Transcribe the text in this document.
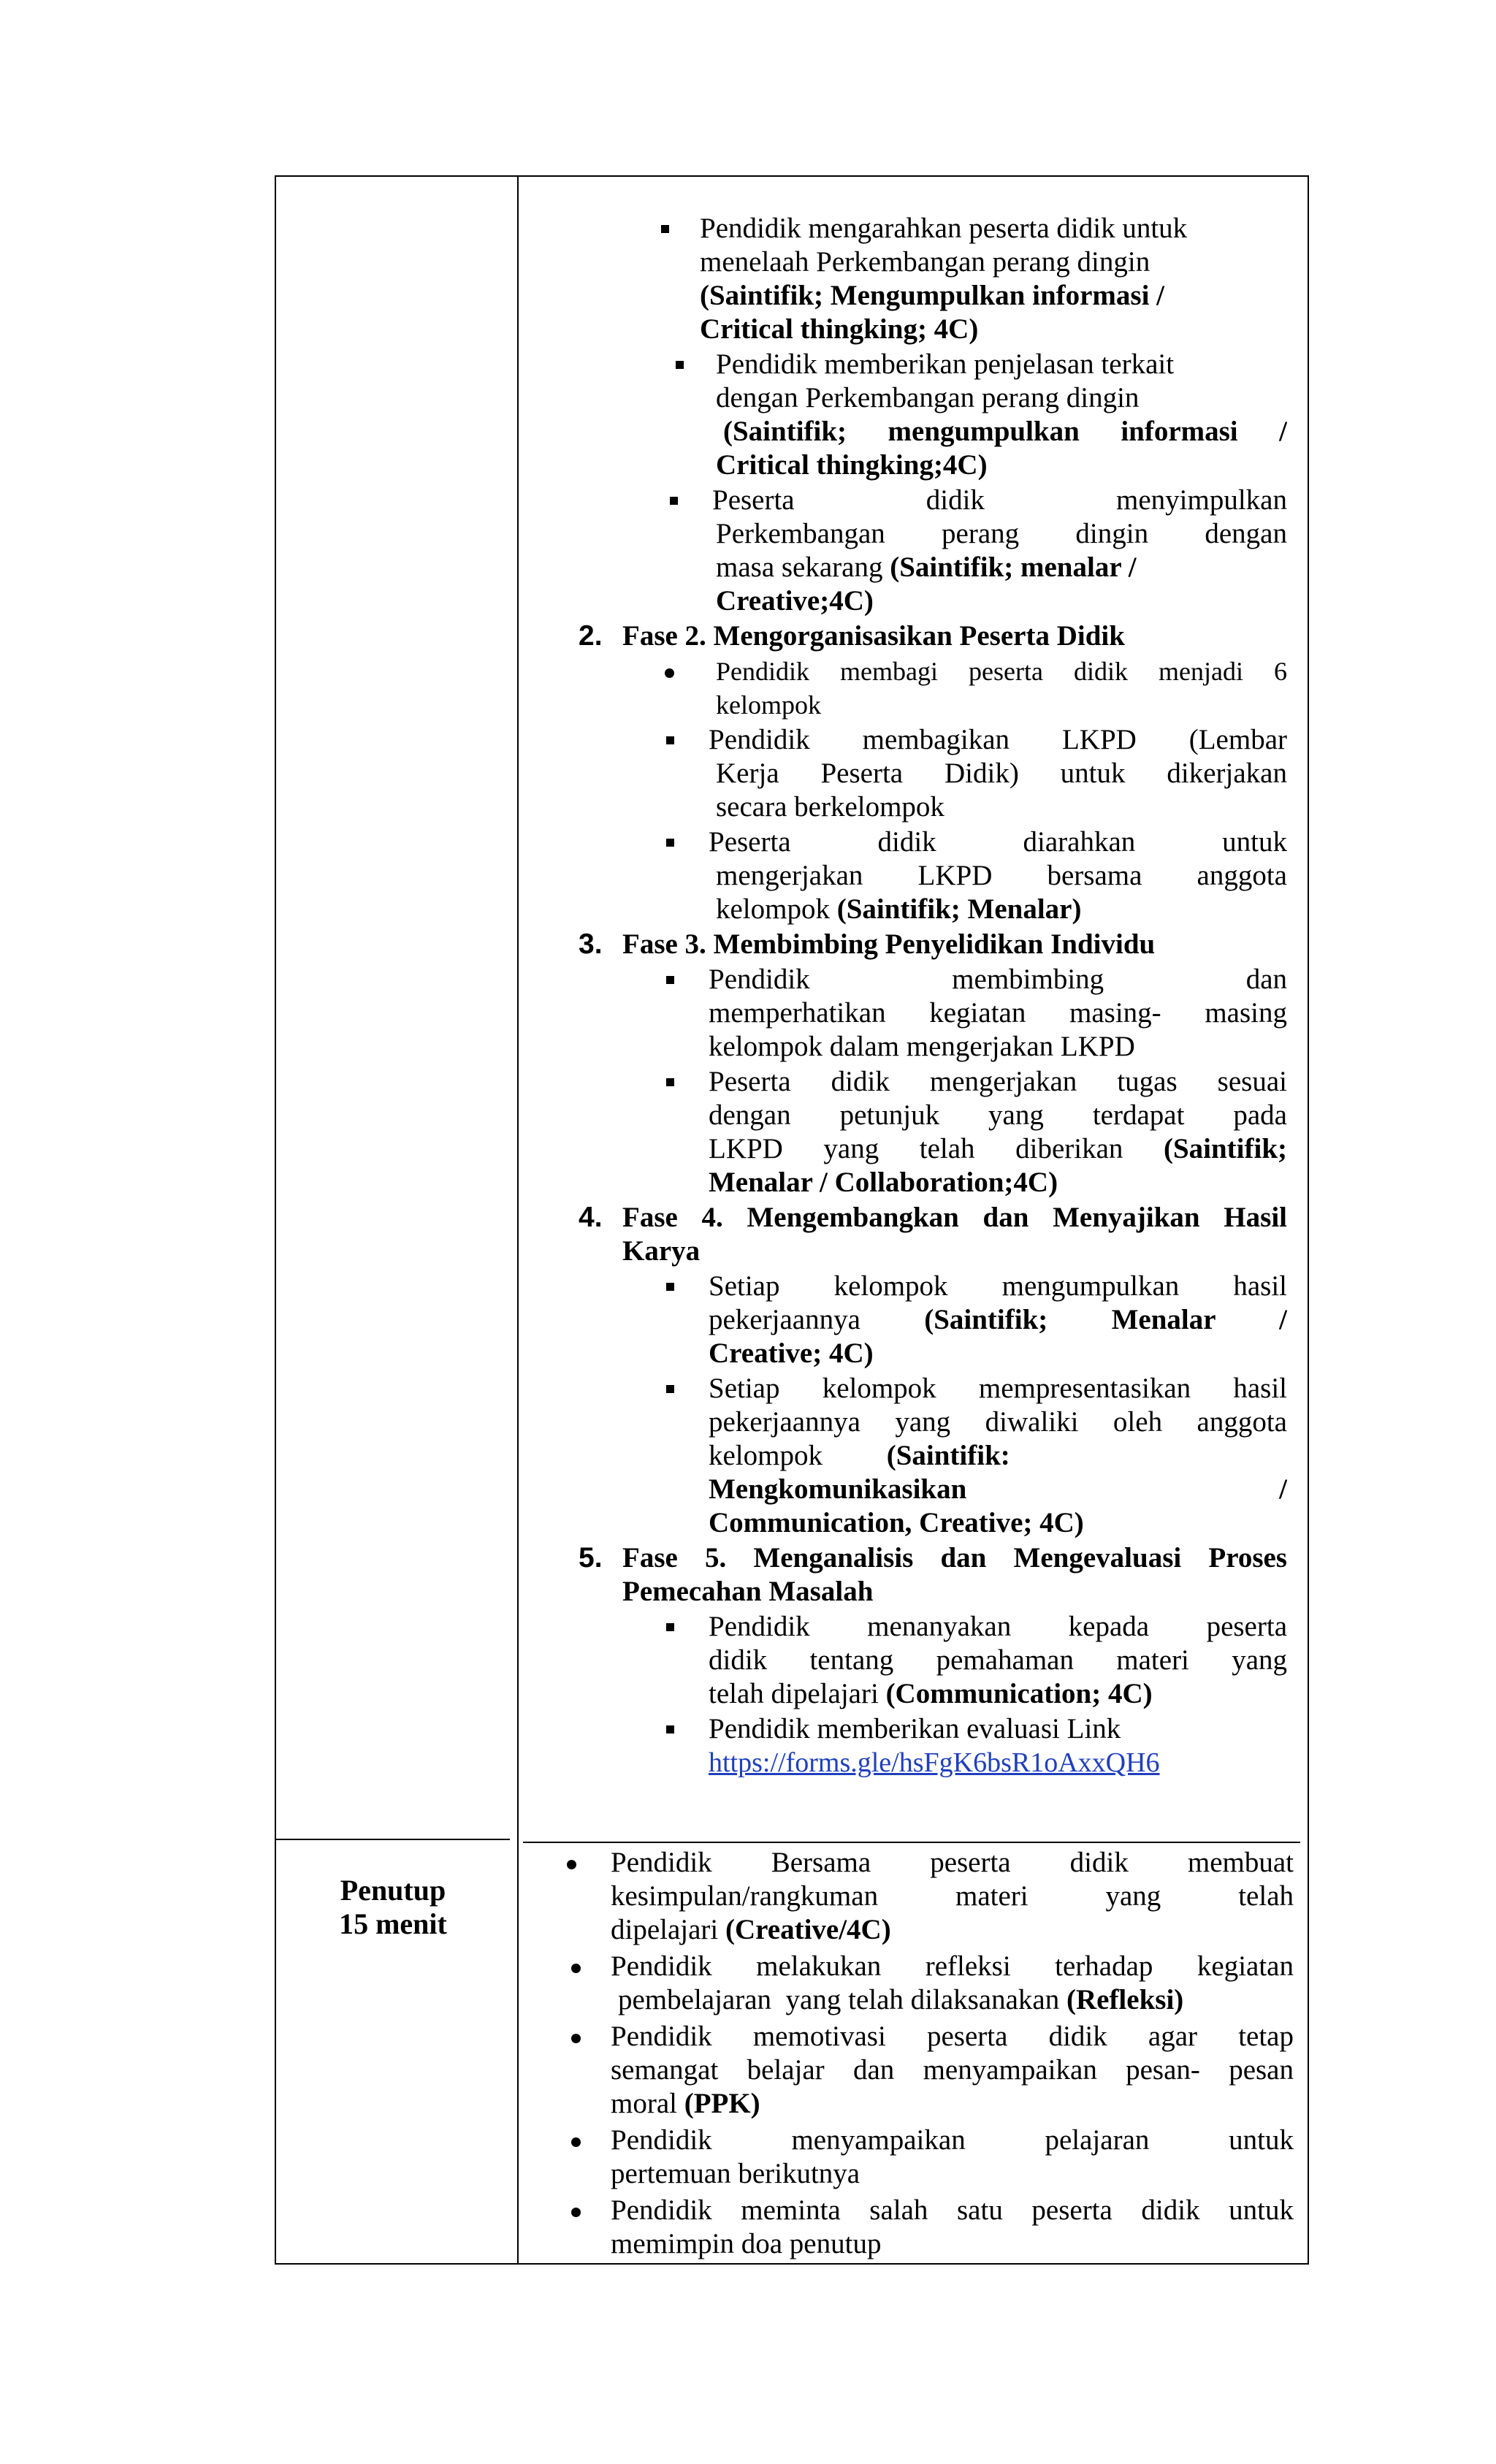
Pendidik mengarahkan peserta didik untuk
menelaah Perkembangan perang dingin
(Saintifik; Mengumpulkan informasi /
Critical thingking; 4C)
Pendidik memberikan penjelasan terkait
dengan Perkembangan perang dingin
(Saintifik; mengumpulkan informasi /
Critical thingking;4C)
Peserta didik menyimpulkan
Perkembangan perang dingin dengan
masa sekarang (Saintifik; menalar /
Creative;4C)
2. Fase 2. Mengorganisasikan Peserta Didik
Pendidik membagi peserta didik menjadi 6
kelompok
Pendidik membagikan LKPD (Lembar
Kerja Peserta Didik) untuk dikerjakan
secara berkelompok
Peserta didik diarahkan untuk
mengerjakan LKPD bersama anggota
kelompok (Saintifik; Menalar)
3. Fase 3. Membimbing Penyelidikan Individu
Pendidik membimbing dan
memperhatikan kegiatan masing- masing
kelompok dalam mengerjakan LKPD
Peserta didik mengerjakan tugas sesuai
dengan petunjuk yang terdapat pada
LKPD yang telah diberikan (Saintifik;
Menalar / Collaboration;4C)
4. Fase 4. Mengembangkan dan Menyajikan Hasil
Karya
Setiap kelompok mengumpulkan hasil
pekerjaannya (Saintifik; Menalar /
Creative; 4C)
Setiap kelompok mempresentasikan hasil
pekerjaannya yang diwaliki oleh anggota
kelompok         (Saintifik:
Mengkomunikasikan /
Communication, Creative; 4C)
5. Fase 5. Menganalisis dan Mengevaluasi Proses
Pemecahan Masalah
Pendidik menanyakan kepada peserta
didik tentang pemahaman materi yang
telah dipelajari (Communication; 4C)
Pendidik memberikan evaluasi Link
https://forms.gle/hsFgK6bsR1oAxxQH6
Penutup
15 menit
Pendidik Bersama peserta didik membuat
kesimpulan/rangkuman materi yang telah
dipelajari (Creative/4C)
Pendidik melakukan refleksi terhadap kegiatan
pembelajaran  yang telah dilaksanakan (Refleksi)
Pendidik memotivasi peserta didik agar tetap
semangat belajar dan menyampaikan pesan- pesan
moral (PPK)
Pendidik menyampaikan pelajaran untuk
pertemuan berikutnya
Pendidik meminta salah satu peserta didik untuk
memimpin doa penutup
